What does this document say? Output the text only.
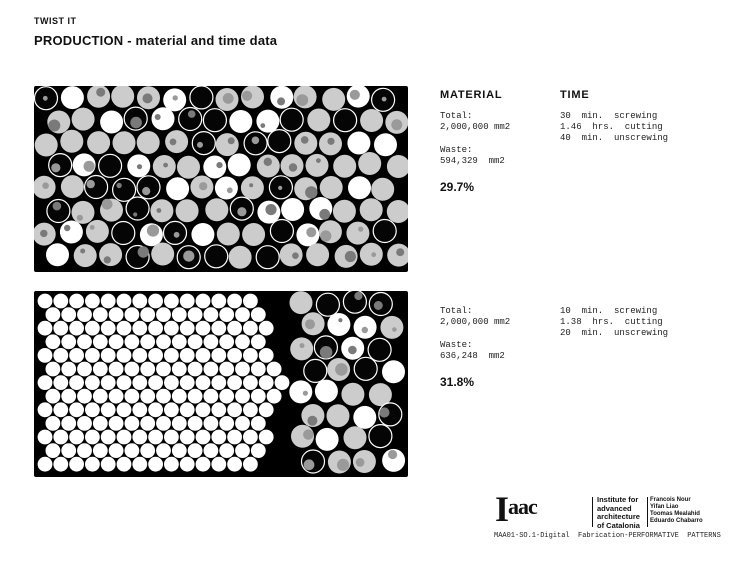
TWIST IT
PRODUCTION - material and time data
MATERIAL	TIME
Total:
2,000,000 mm2
Waste:
594,329  mm2
29.7%
30  min.  screwing
1.46  hrs.  cutting
40  min.  unscrewing
Total:
2,000,000 mm2
Waste:
636,248  mm2
31.8%
10  min.  screwing
1.38  hrs.  cutting
20  min.  unscrewing
I aac	Institute for
advanced
architecture
of Catalonia
Francois Nour
Yifan Liao
Toomas Mealahid
Eduardo Chabarro
MAA01-SO.1-Digital  Fabrication-PERFORMATIVE  PATTERNS
